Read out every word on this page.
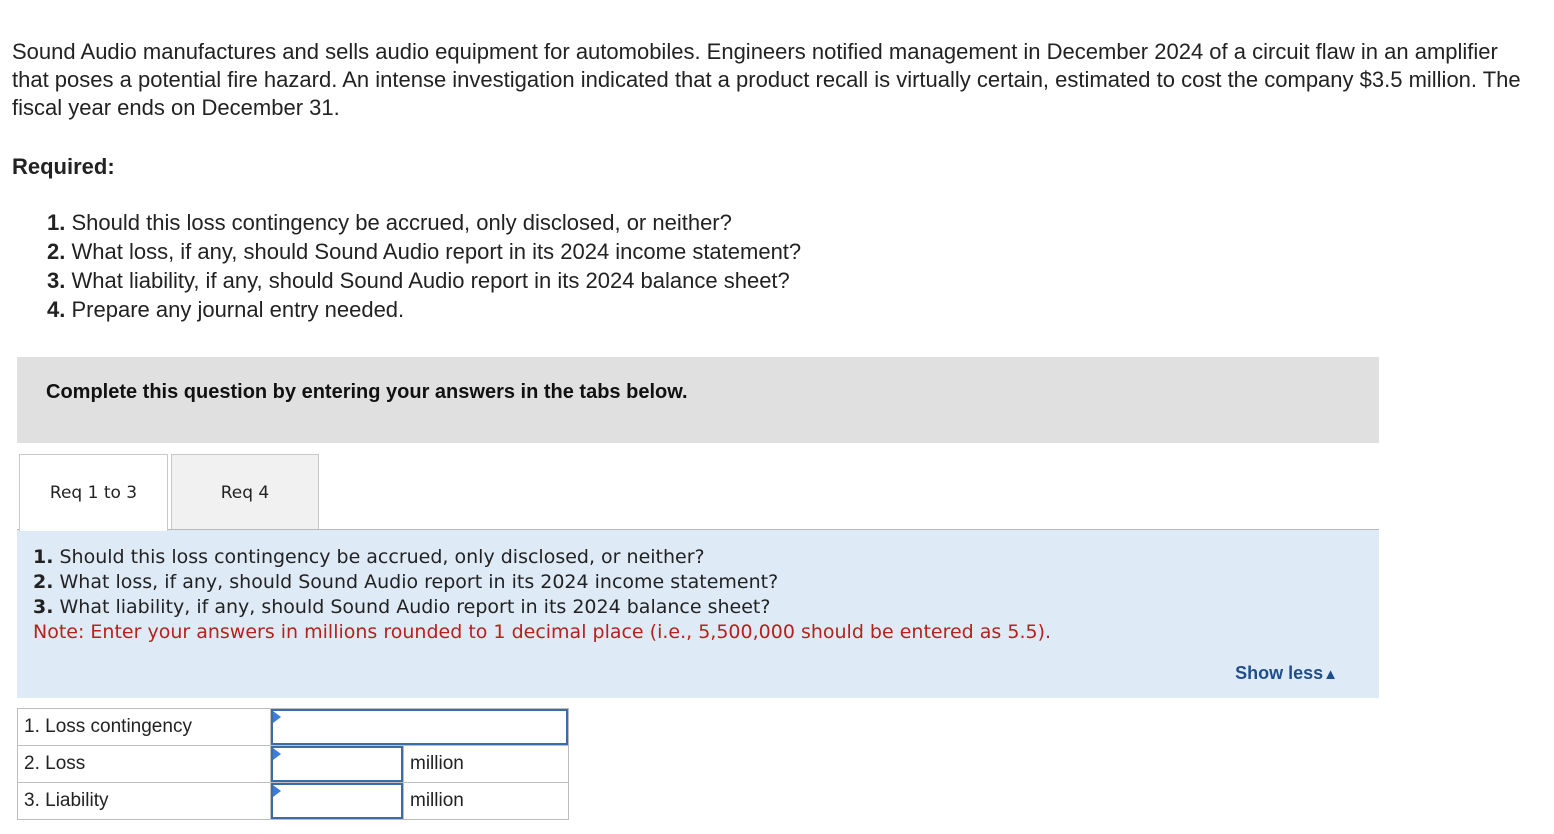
Sound Audio manufactures and sells audio equipment for automobiles. Engineers notified management in December 2024 of a circuit flaw in an amplifier that poses a potential fire hazard. An intense investigation indicated that a product recall is virtually certain, estimated to cost the company $3.5 million. The fiscal year ends on December 31.

Required:

1. Should this loss contingency be accrued, only disclosed, or neither?
2. What loss, if any, should Sound Audio report in its 2024 income statement?
3. What liability, if any, should Sound Audio report in its 2024 balance sheet?
4. Prepare any journal entry needed.
Complete this question by entering your answers in the tabs below.
Req 1 to 3	Req 4
1. Should this loss contingency be accrued, only disclosed, or neither?
2. What loss, if any, should Sound Audio report in its 2024 income statement?
3. What liability, if any, should Sound Audio report in its 2024 balance sheet?
Note: Enter your answers in millions rounded to 1 decimal place (i.e., 5,500,000 should be entered as 5.5).
Show less▲
1. Loss contingency		

2. Loss		million
3. Liability		million
